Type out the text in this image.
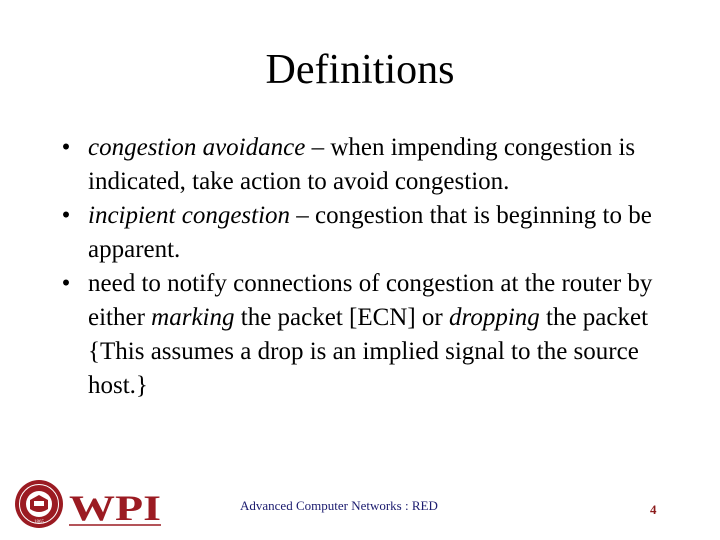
Definitions
• congestion avoidance – when impending congestion is indicated, take action to avoid congestion.
• incipient congestion – congestion that is beginning to be apparent.
• need to notify connections of congestion at the router by either marking the packet [ECN] or dropping the packet {This assumes a drop is an implied signal to the source host.}
1865 WPI	Advanced Computer Networks : RED	4
